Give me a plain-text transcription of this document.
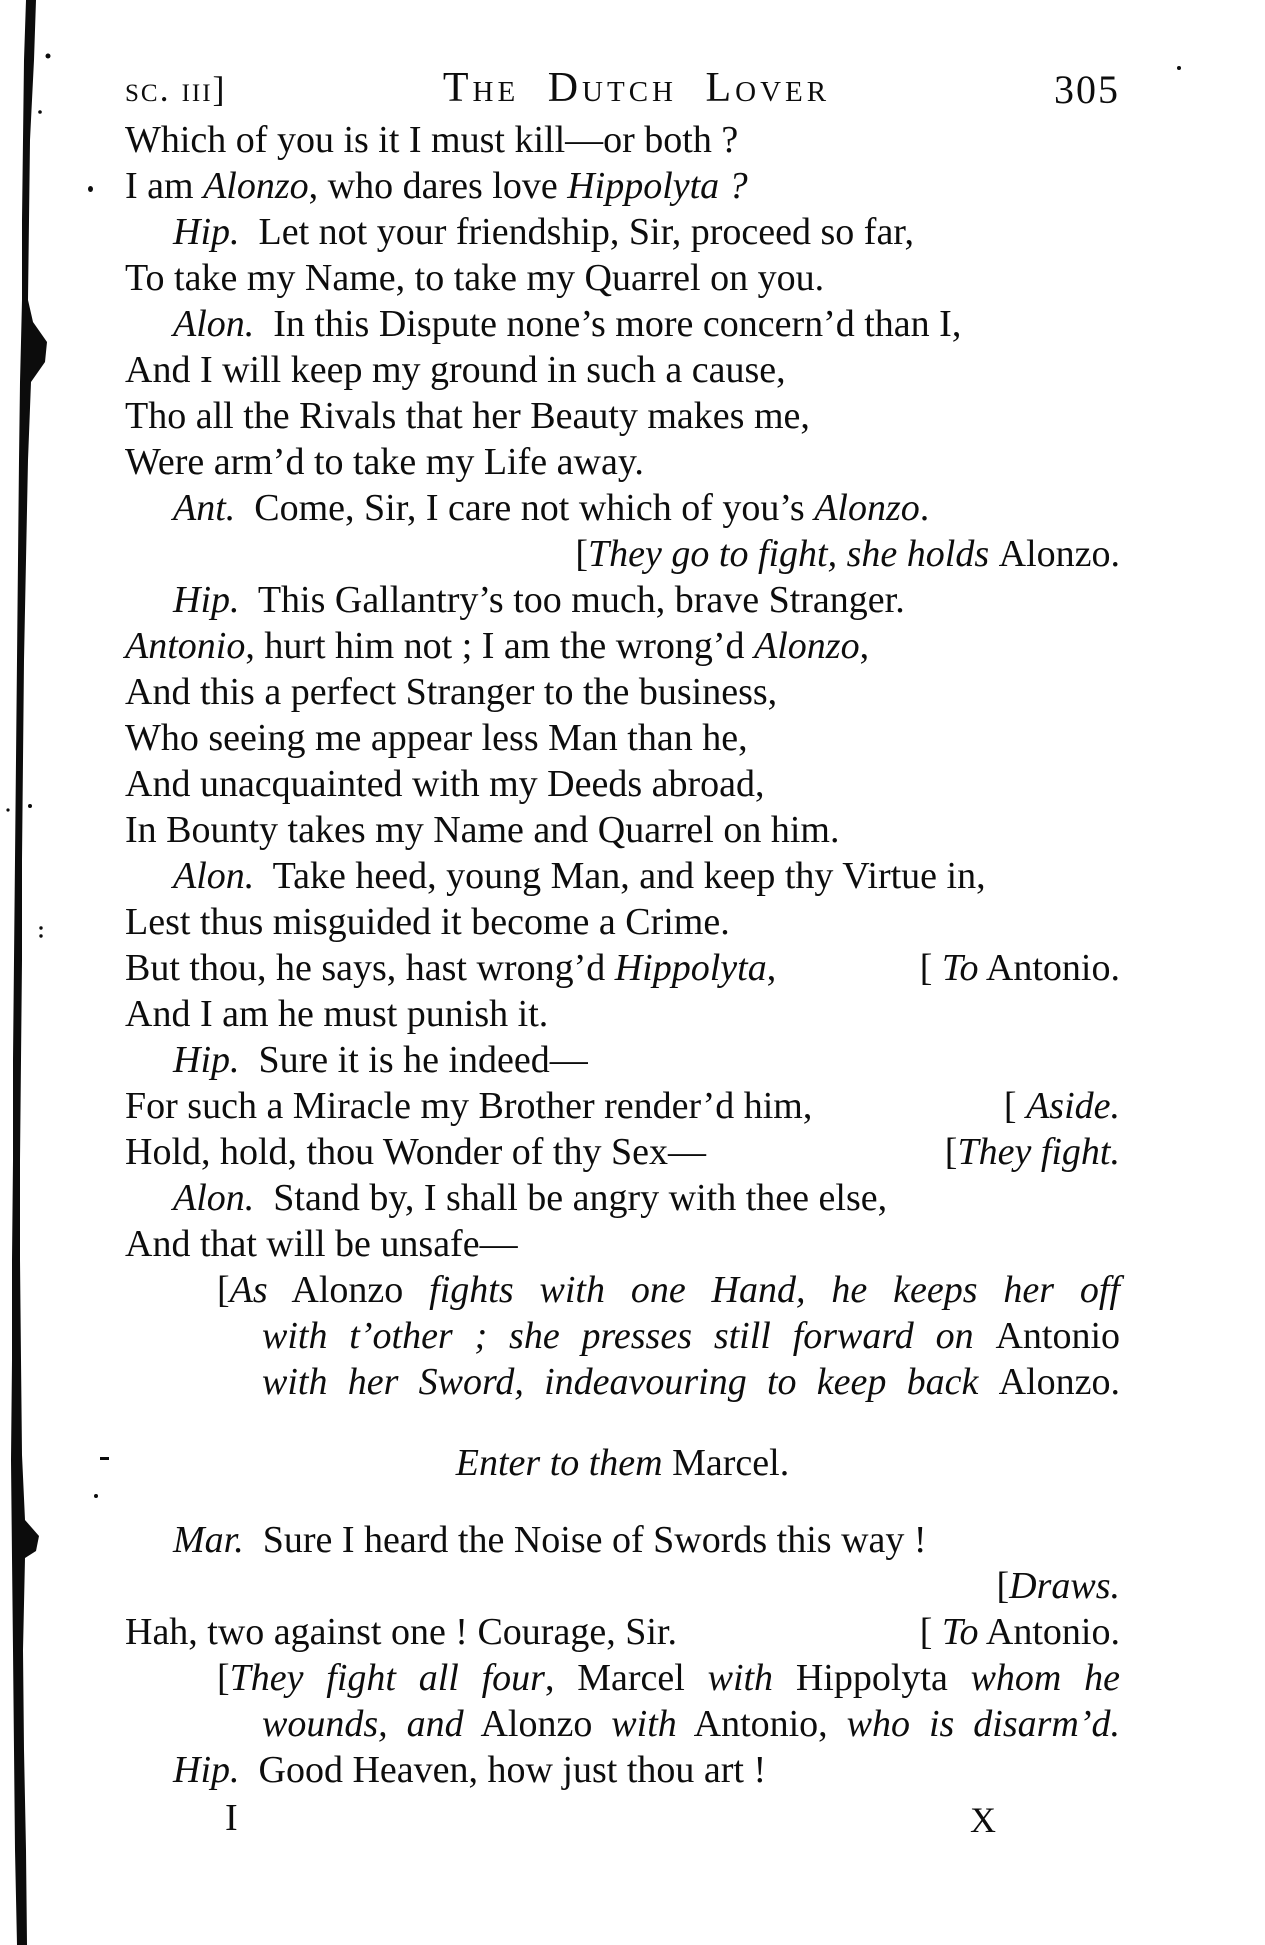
sc. iii]	The Dutch Lover	305
Which of you is it I must kill—or both ?
I am Alonzo, who dares love Hippolyta ?
Hip.  Let not your friendship, Sir, proceed so far,
To take my Name, to take my Quarrel on you.
Alon.  In this Dispute none’s more concern’d than I,
And I will keep my ground in such a cause,
Tho all the Rivals that her Beauty makes me,
Were arm’d to take my Life away.
Ant.  Come, Sir, I care not which of you’s Alonzo.
[They go to fight, she holds Alonzo.
Hip.  This Gallantry’s too much, brave Stranger.
Antonio, hurt him not ; I am the wrong’d Alonzo,
And this a perfect Stranger to the business,
Who seeing me appear less Man than he,
And unacquainted with my Deeds abroad,
In Bounty takes my Name and Quarrel on him.
Alon.  Take heed, young Man, and keep thy Virtue in,
Lest thus misguided it become a Crime.
But thou, he says, hast wrong’d Hippolyta,	[ To Antonio.
And I am he must punish it.
Hip.  Sure it is he indeed—
For such a Miracle my Brother render’d him,	[ Aside.
Hold, hold, thou Wonder of thy Sex—	[They fight.
Alon.  Stand by, I shall be angry with thee else,
And that will be unsafe—
[As Alonzo fights with one Hand, he keeps her off
with t’other ; she presses still forward on Antonio
with her Sword, indeavouring to keep back Alonzo.
Enter to them Marcel.
Mar.  Sure I heard the Noise of Swords this way !
[Draws.
Hah, two against one ! Courage, Sir.	[ To Antonio.
[They fight all four, Marcel with Hippolyta whom he
wounds, and Alonzo with Antonio, who is disarm’d.
Hip.  Good Heaven, how just thou art !
I	X
